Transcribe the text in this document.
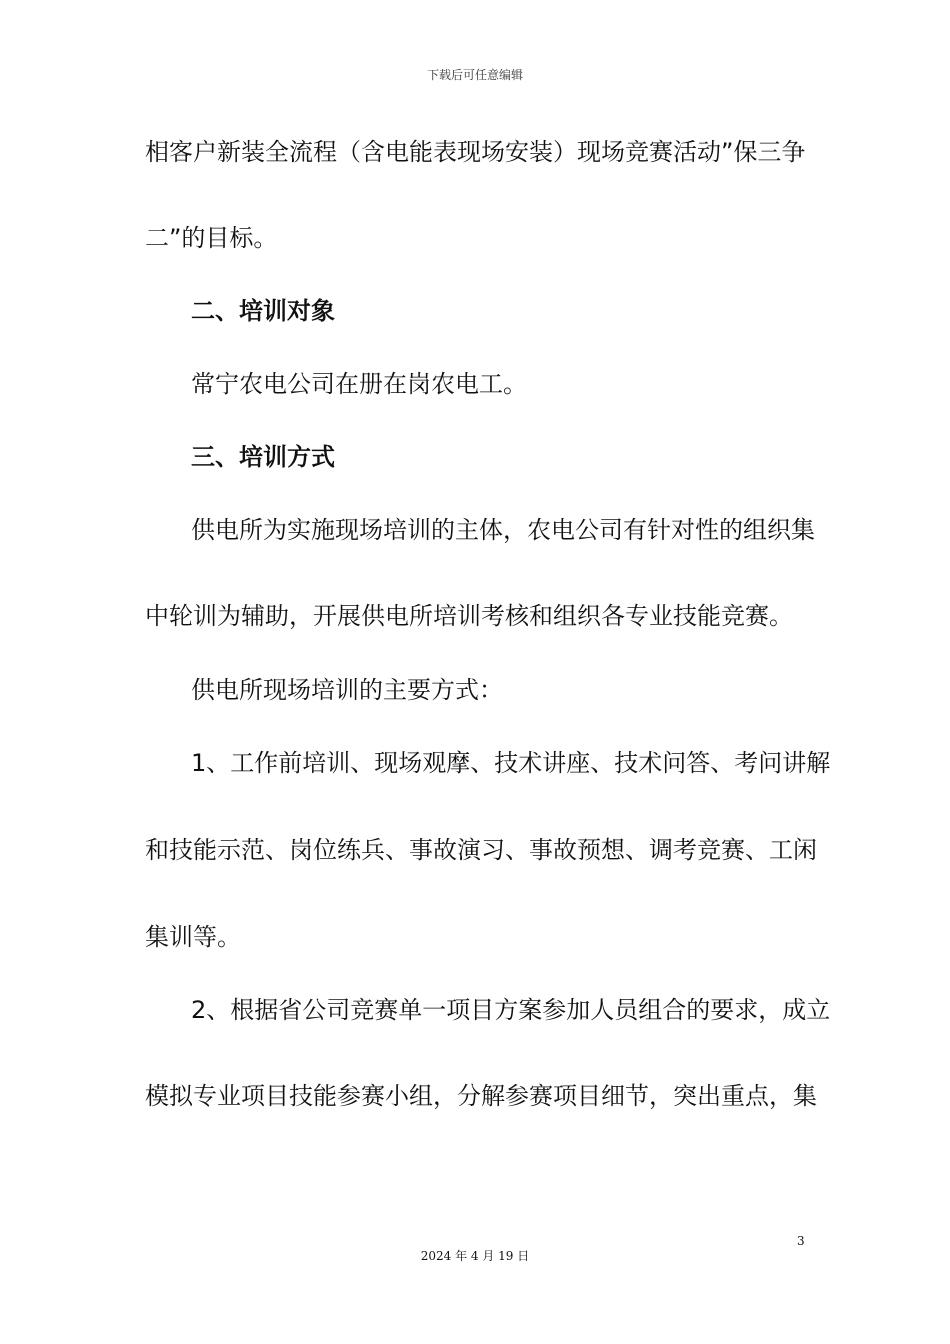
下载后可任意编辑
相客户新装全流程（含电能表现场安装）现场竞赛活动”保三争
二”的目标。
二、培训对象
常宁农电公司在册在岗农电工。
三、培训方式
供电所为实施现场培训的主体，农电公司有针对性的组织集
中轮训为辅助，开展供电所培训考核和组织各专业技能竞赛。
供电所现场培训的主要方式：
1、工作前培训、现场观摩、技术讲座、技术问答、考问讲解
和技能示范、岗位练兵、事故演习、事故预想、调考竞赛、工闲
集训等。
2、根据省公司竞赛单一项目方案参加人员组合的要求，成立
模拟专业项目技能参赛小组，分解参赛项目细节，突出重点，集
3
2024 年 4 月 19 日
